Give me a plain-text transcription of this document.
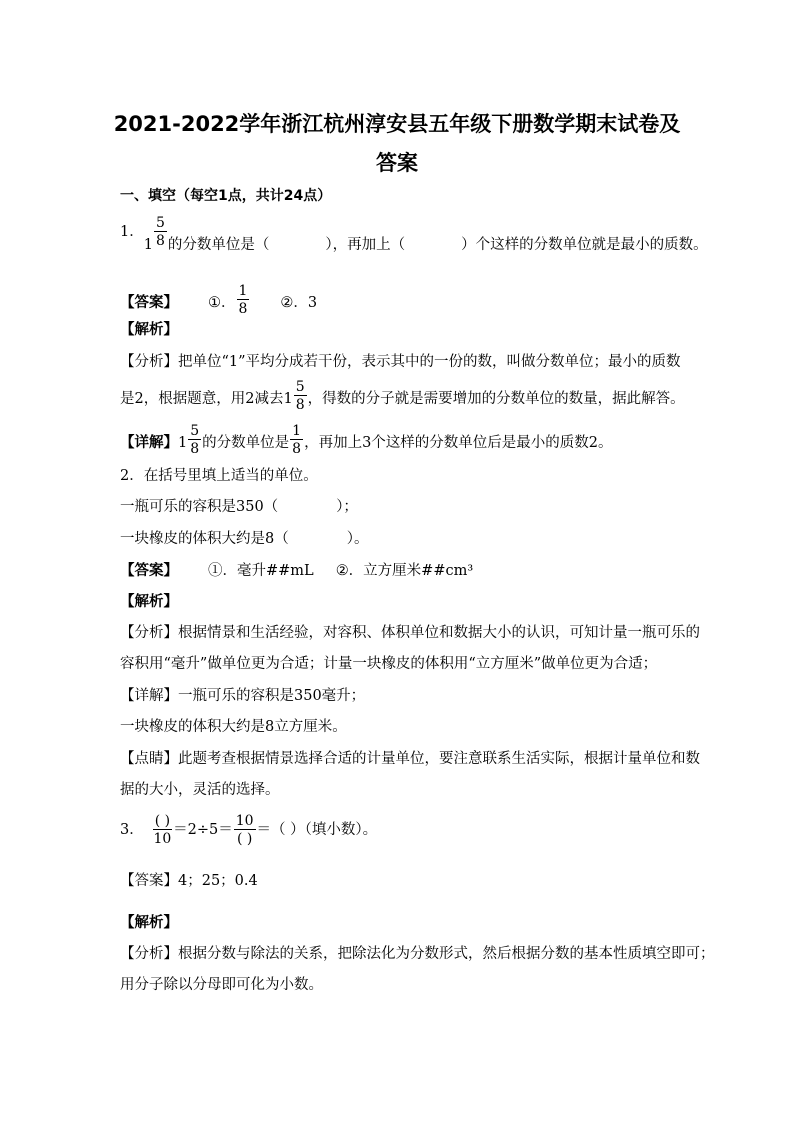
2021-2022学年浙江杭州淳安县五年级下册数学期末试卷及
答案
一、填空（每空1点，共计24点）
1．$1 \frac{5}{8}$ 的分数单位是（	），再加上（	）个这样的分数单位就是最小的质数。
【答案】 ①． $\frac{1}{8}$ ②．3
【解析】
【分析】把单位“1”平均分成若干份，表示其中的一份的数，叫做分数单位；最小的质数
是2，根据题意，用2减去$1 \frac{5}{8}$ ，得数的分子就是需要增加的分数单位的数量，据此解答。
【详解】$1 \frac{5}{8}$ 的分数单位是 $\frac{1}{8}$ ，再加上3个这样的分数单位后是最小的质数2。
2．在括号里填上适当的单位。
一瓶可乐的容积是350（	）；
一块橡皮的体积大约是8（	）。
【答案】 ①．毫升##mL ②．立方厘米##cm³
【解析】
【分析】根据情景和生活经验，对容积、体积单位和数据大小的认识，可知计量一瓶可乐的
容积用“毫升”做单位更为合适；计量一块橡皮的体积用“立方厘米”做单位更为合适；
【详解】一瓶可乐的容积是350毫升；
一块橡皮的体积大约是8立方厘米。
【点睛】此题考查根据情景选择合适的计量单位，要注意联系生活实际，根据计量单位和数
据的大小，灵活的选择。
3． $\frac{( )}{10} =2\div 5= \frac{10}{( )}$ ＝（ ）（填小数）。
【答案】4；25；0.4
【解析】
【分析】根据分数与除法的关系，把除法化为分数形式，然后根据分数的基本性质填空即可；
用分子除以分母即可化为小数。
